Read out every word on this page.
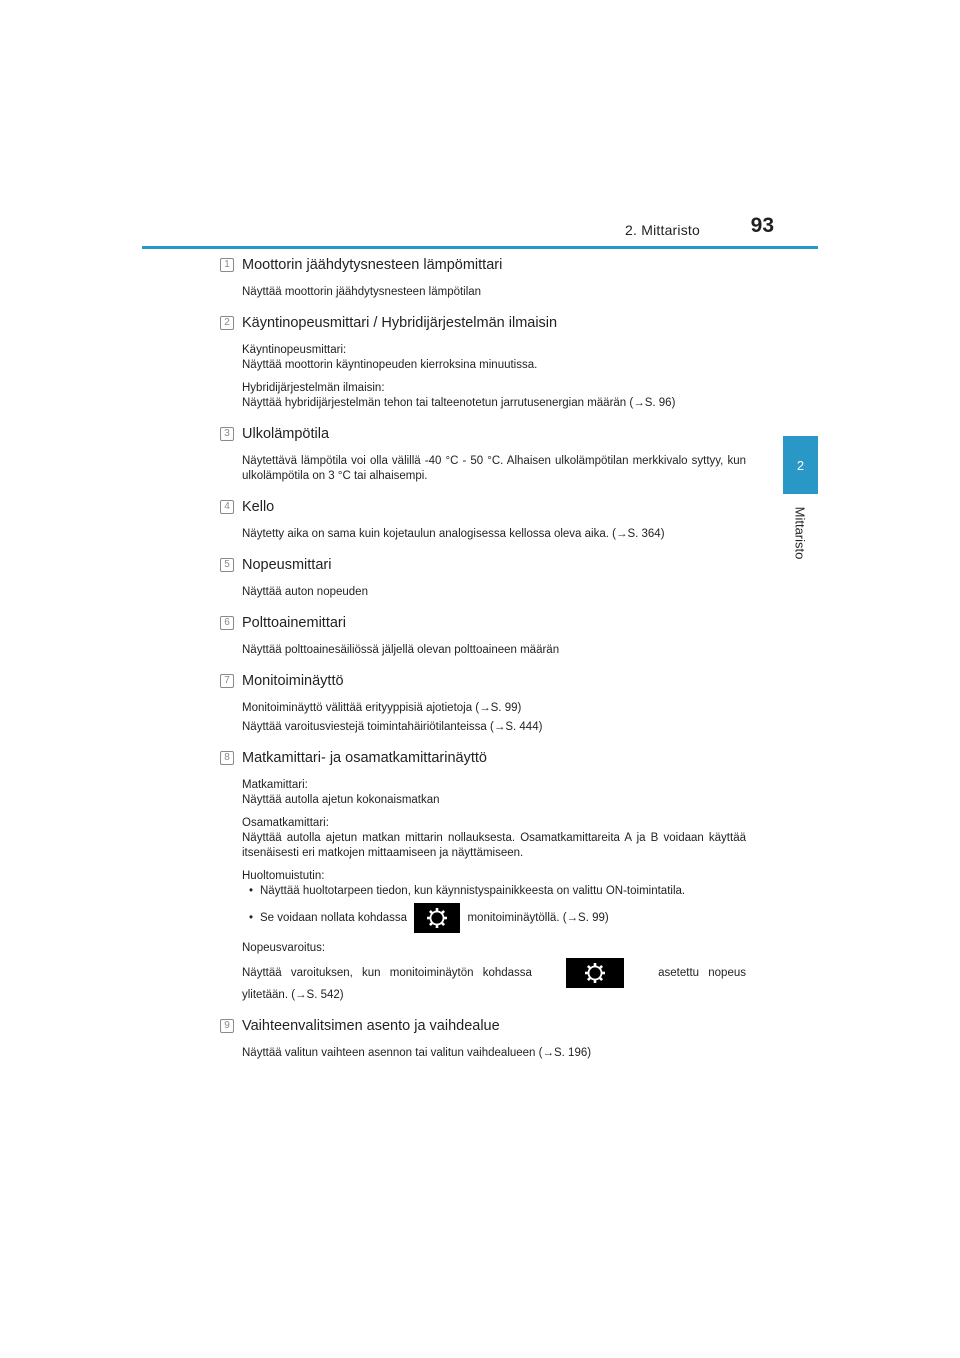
2. Mittaristo 93
2
Mittaristo
1 Moottorin jäähdytysnesteen lämpömittari

Näyttää moottorin jäähdytysnesteen lämpötilan

2 Käyntinopeusmittari / Hybridijärjestelmän ilmaisin

Käyntinopeusmittari:

Näyttää moottorin käyntinopeuden kierroksina minuutissa.

Hybridijärjestelmän ilmaisin:

Näyttää hybridijärjestelmän tehon tai talteenotetun jarrutusenergian määrän (→S. 96)

3 Ulkolämpötila

Näytettävä lämpötila voi olla välillä -40 °C - 50 °C. Alhaisen ulkolämpötilan merkkivalo syttyy, kun ulkolämpötila on 3 °C tai alhaisempi.

4 Kello

Näytetty aika on sama kuin kojetaulun analogisessa kellossa oleva aika. (→S. 364)

5 Nopeusmittari

Näyttää auton nopeuden

6 Polttoainemittari

Näyttää polttoainesäiliössä jäljellä olevan polttoaineen määrän

7 Monitoiminäyttö

Monitoiminäyttö välittää erityyppisiä ajotietoja (→S. 99)

Näyttää varoitusviestejä toimintahäiriötilanteissa (→S. 444)

8 Matkamittari- ja osamatkamittarinäyttö

Matkamittari:

Näyttää autolla ajetun kokonaismatkan

Osamatkamittari:

Näyttää autolla ajetun matkan mittarin nollauksesta. Osamatkamittareita A ja B voidaan käyttää itsenäisesti eri matkojen mittaamiseen ja näyttämiseen.

Huoltomuistutin:

• Näyttää huoltotarpeen tiedon, kun käynnistyspainikkeesta on valittu ON-toimintatila.
• Se voidaan nollata kohdassa	monitoiminäytöllä. (→S. 99)

Nopeusvaroitus:

Näyttää varoituksen, kun monitoiminäytön kohdassa	asetettu nopeus

ylitetään. (→S. 542)

9 Vaihteenvalitsimen asento ja vaihdealue

Näyttää valitun vaihteen asennon tai valitun vaihdealueen (→S. 196)
